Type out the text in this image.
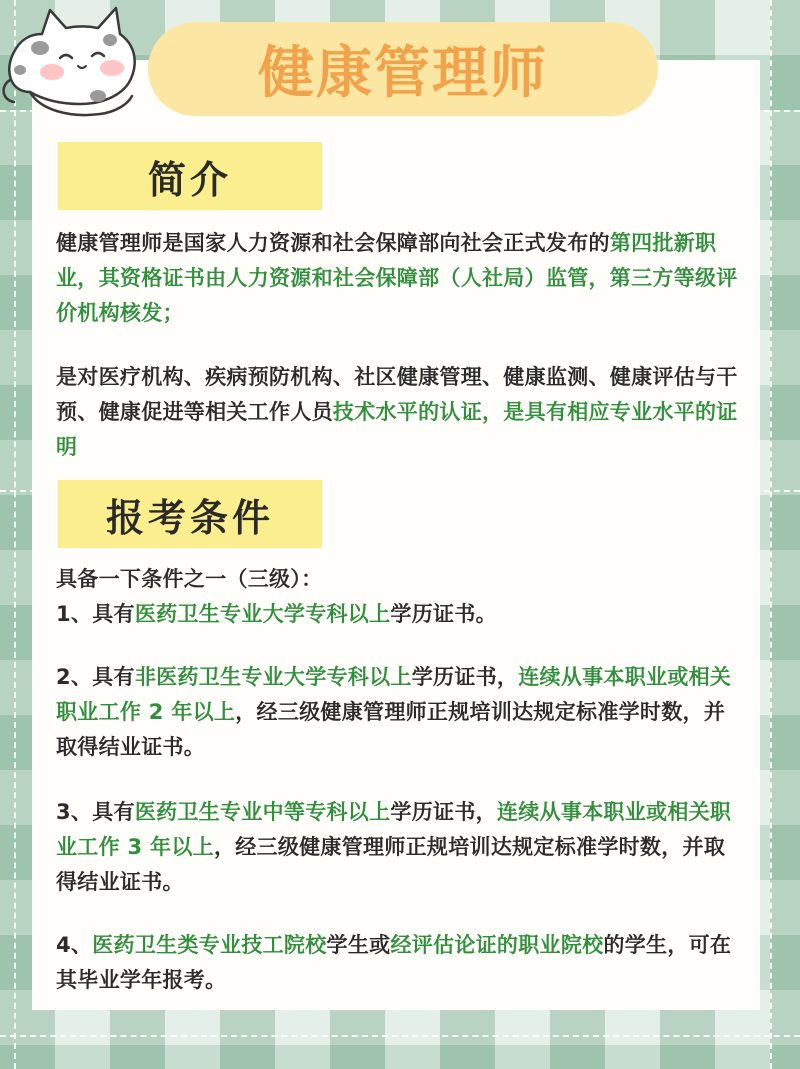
简介
健康管理师是国家人力资源和社会保障部向社会正式发布的第四批新职业，其资格证书由人力资源和社会保障部（人社局）监管，第三方等级评价机构核发；
是对医疗机构、疾病预防机构、社区健康管理、健康监测、健康评估与干预、健康促进等相关工作人员技术水平的认证，是具有相应专业水平的证明
报考条件
具备一下条件之一（三级）：
1、具有医药卫生专业大学专科以上学历证书。
2、具有非医药卫生专业大学专科以上学历证书，连续从事本职业或相关职业工作 2 年以上，经三级健康管理师正规培训达规定标准学时数，并取得结业证书。
3、具有医药卫生专业中等专科以上学历证书，连续从事本职业或相关职业工作 3 年以上，经三级健康管理师正规培训达规定标准学时数，并取得结业证书。
4、医药卫生类专业技工院校学生或经评估论证的职业院校的学生，可在其毕业学年报考。
健康管理师
